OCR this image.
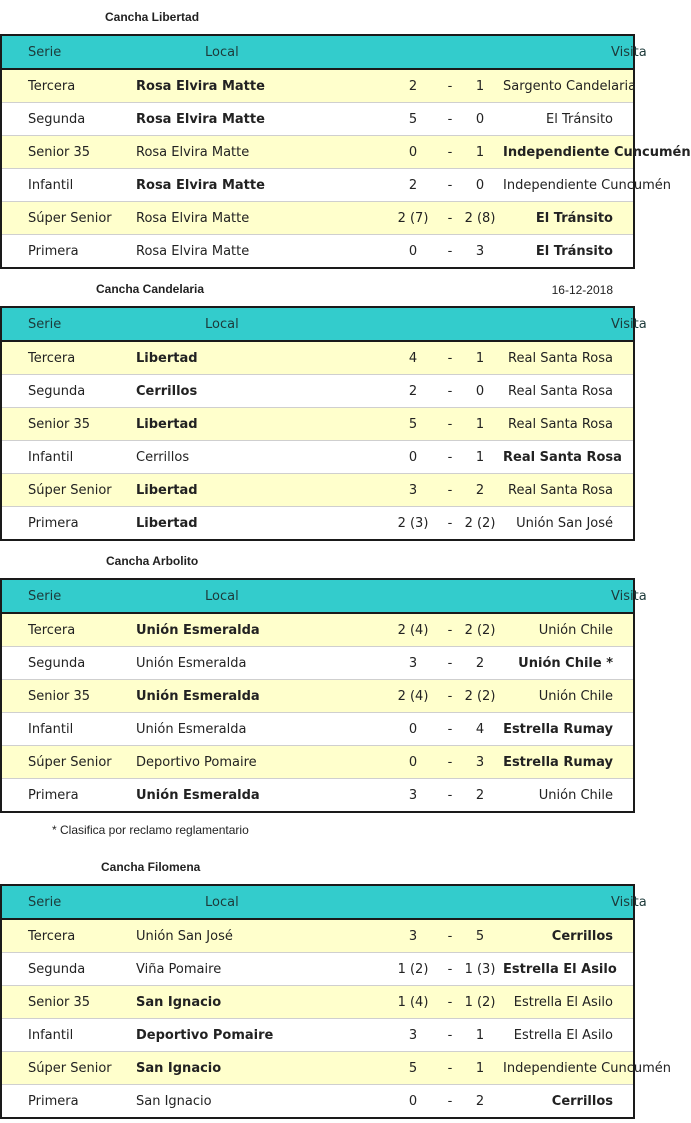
Cancha Libertad
Serie	Local				Visita
Tercera	Rosa Elvira Matte	2	-	1	Sargento Candelaria
Segunda	Rosa Elvira Matte	5	-	0	El Tránsito
Senior 35	Rosa Elvira Matte	0	-	1	Independiente Cuncumén
Infantil	Rosa Elvira Matte	2	-	0	Independiente Cuncumén
Súper Senior	Rosa Elvira Matte	2 (7)	-	2 (8)	El Tránsito
Primera	Rosa Elvira Matte	0	-	3	El Tránsito
Cancha Candelaria	16-12-2018
Serie	Local				Visita
Tercera	Libertad	4	-	1	Real Santa Rosa
Segunda	Cerrillos	2	-	0	Real Santa Rosa
Senior 35	Libertad	5	-	1	Real Santa Rosa
Infantil	Cerrillos	0	-	1	Real Santa Rosa
Súper Senior	Libertad	3	-	2	Real Santa Rosa
Primera	Libertad	2 (3)	-	2 (2)	Unión San José
Cancha Arbolito
Serie	Local				Visita
Tercera	Unión Esmeralda	2 (4)	-	2 (2)	Unión Chile
Segunda	Unión Esmeralda	3	-	2	Unión Chile *
Senior 35	Unión Esmeralda	2 (4)	-	2 (2)	Unión Chile
Infantil	Unión Esmeralda	0	-	4	Estrella Rumay
Súper Senior	Deportivo Pomaire	0	-	3	Estrella Rumay
Primera	Unión Esmeralda	3	-	2	Unión Chile
* Clasifica por reclamo reglamentario
Cancha Filomena
Serie	Local				Visita
Tercera	Unión San José	3	-	5	Cerrillos
Segunda	Viña Pomaire	1 (2)	-	1 (3)	Estrella El Asilo
Senior 35	San Ignacio	1 (4)	-	1 (2)	Estrella El Asilo
Infantil	Deportivo Pomaire	3	-	1	Estrella El Asilo
Súper Senior	San Ignacio	5	-	1	Independiente Cuncumén
Primera	San Ignacio	0	-	2	Cerrillos
